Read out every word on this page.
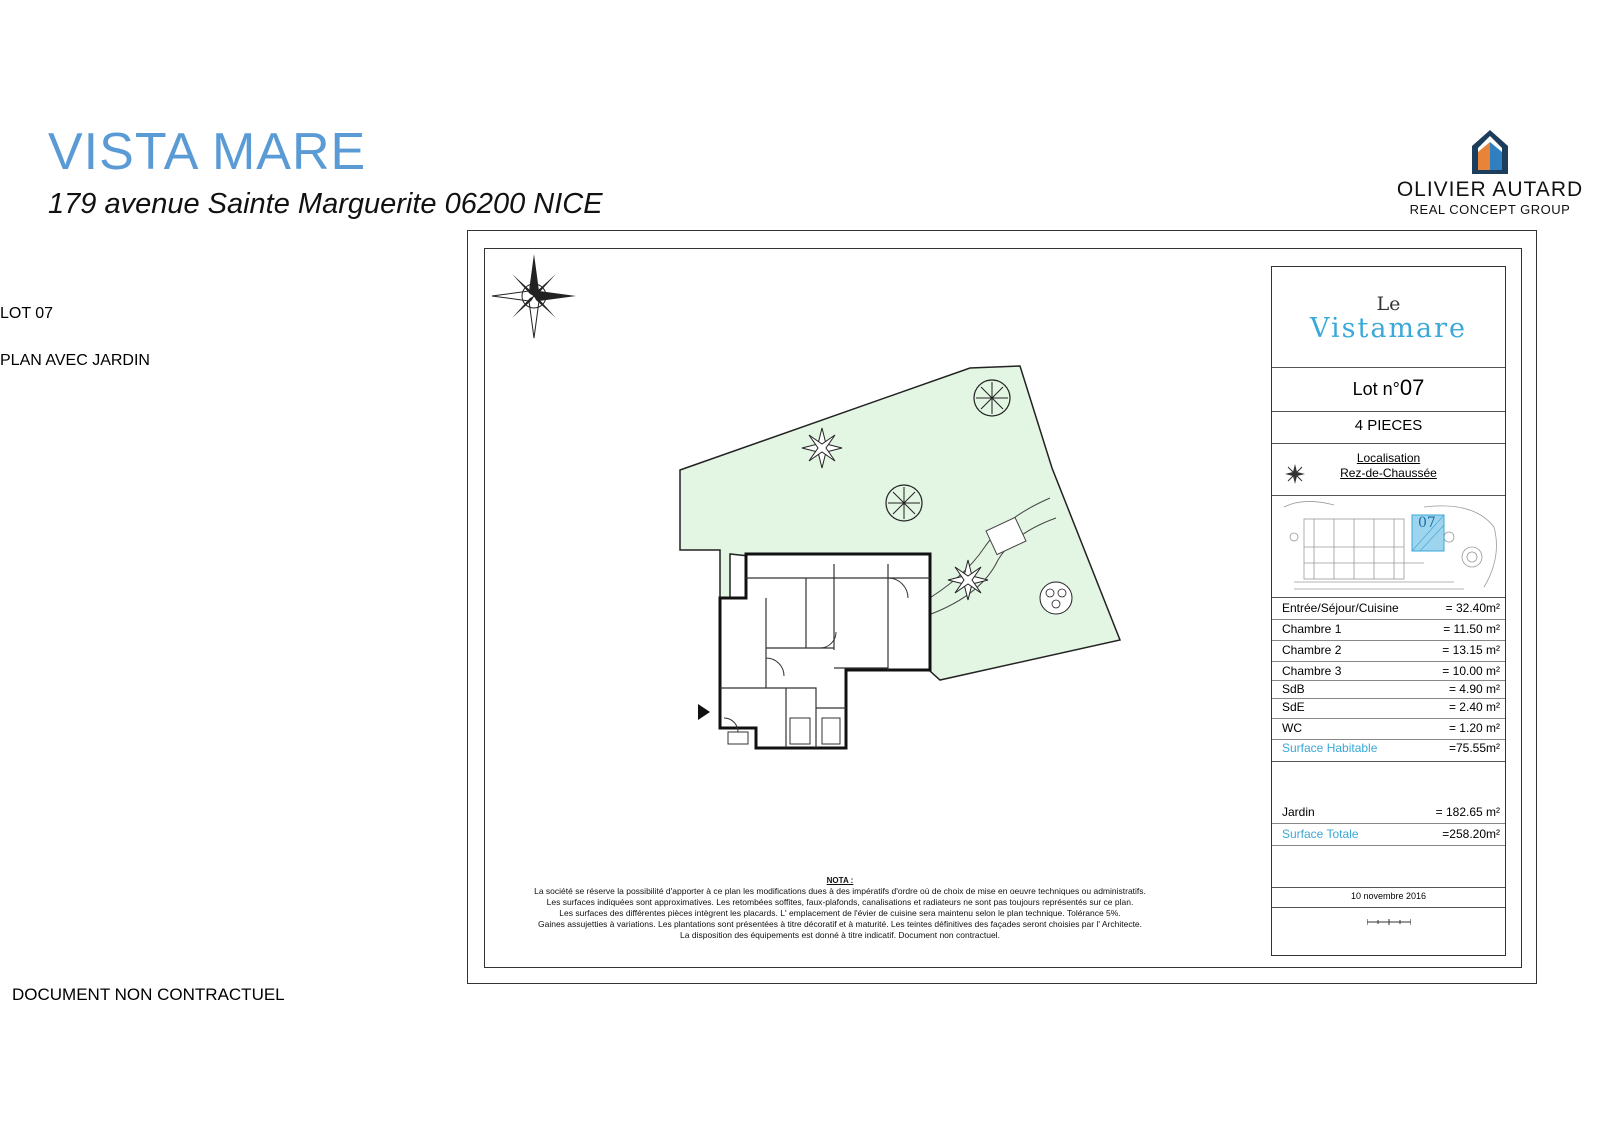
VISTA MARE
179 avenue Sainte Marguerite 06200 NICE
LOT 07
PLAN AVEC JARDIN
DOCUMENT NON CONTRACTUEL
OLIVIER AUTARD
REAL CONCEPT GROUP
NOTA :
La société se réserve la possibilité d'apporter à ce plan les modifications dues à des impératifs d'ordre où de choix de mise en oeuvre techniques ou administratifs.
Les surfaces indiquées sont approximatives. Les retombées soffites, faux-plafonds, canalisations et radiateurs ne sont pas toujours représentés sur ce plan.
Les surfaces des différentes pièces intègrent les placards. L' emplacement de l'évier de cuisine sera maintenu selon le plan technique. Tolérance 5%.
Gaines assujetties à variations. Les plantations sont présentées à titre décoratif et à maturité. Les teintes définitives des façades seront choisies par l' Architecte.
La disposition des équipements est donné à titre indicatif. Document non contractuel.
Le
Vistamare
Lot n°07
4 PIECES
Localisation
Rez-de-Chaussée
07
Entrée/Séjour/Cuisine	= 32.40m²
Chambre 1	= 11.50 m²
Chambre 2	= 13.15 m²
Chambre 3	= 10.00 m²
SdB	= 4.90 m²
SdE	= 2.40 m²
WC	= 1.20 m²
Surface Habitable	=75.55m²
Jardin	= 182.65 m²
Surface Totale	=258.20m²
10 novembre 2016
